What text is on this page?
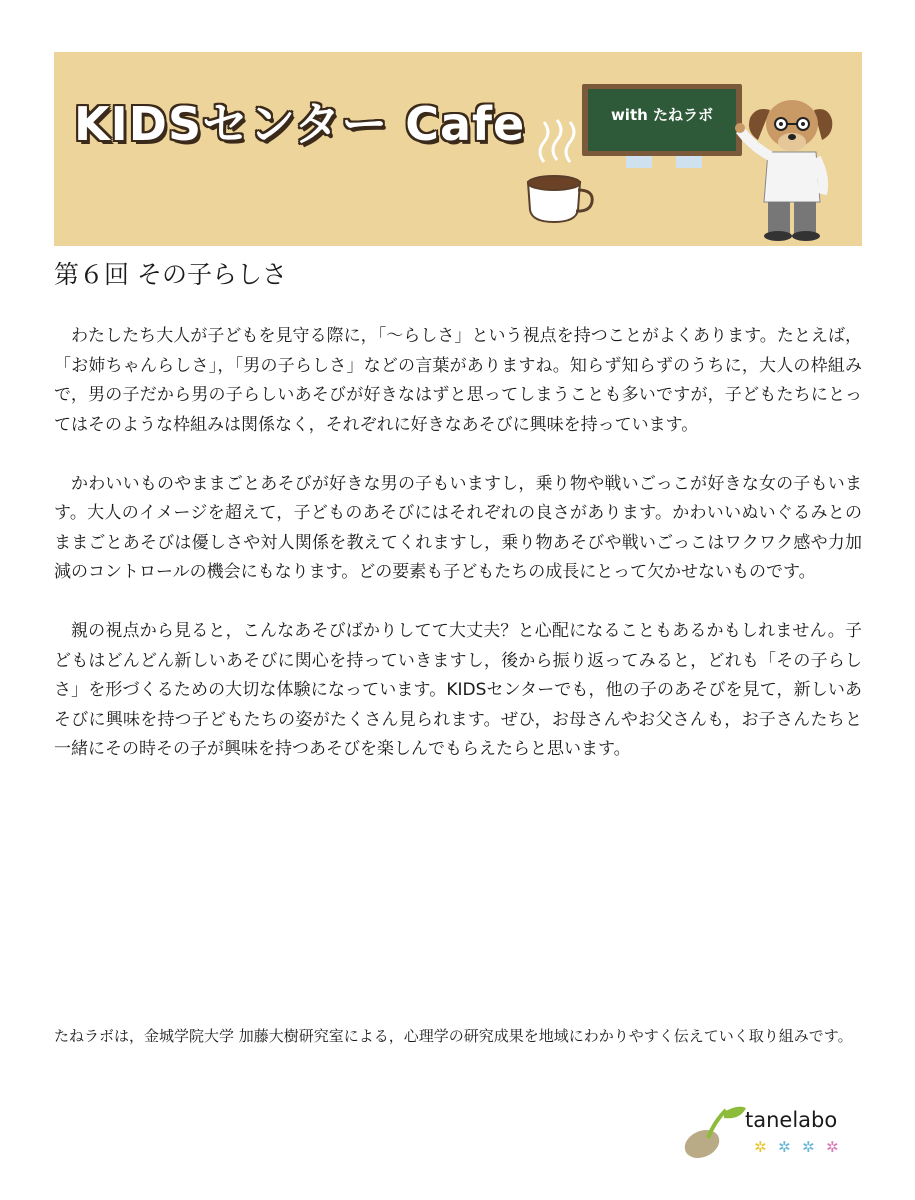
KIDSセンター Cafe	with たねラボ
第６回 その子らしさ

わたしたち大人が子どもを見守る際に，「〜らしさ」という視点を持つことがよくあります。たとえば，「お姉ちゃんらしさ」，「男の子らしさ」などの言葉がありますね。知らず知らずのうちに，大人の枠組みで，男の子だから男の子らしいあそびが好きなはずと思ってしまうことも多いですが，子どもたちにとってはそのような枠組みは関係なく，それぞれに好きなあそびに興味を持っています。

かわいいものやままごとあそびが好きな男の子もいますし，乗り物や戦いごっこが好きな女の子もいます。大人のイメージを超えて，子どものあそびにはそれぞれの良さがあります。かわいいぬいぐるみとのままごとあそびは優しさや対人関係を教えてくれますし，乗り物あそびや戦いごっこはワクワク感や力加減のコントロールの機会にもなります。どの要素も子どもたちの成長にとって欠かせないものです。

親の視点から見ると，こんなあそびばかりしてて大丈夫？と心配になることもあるかもしれません。子どもはどんどん新しいあそびに関心を持っていきますし，後から振り返ってみると，どれも「その子らしさ」を形づくるための大切な体験になっています。KIDSセンターでも，他の子のあそびを見て，新しいあそびに興味を持つ子どもたちの姿がたくさん見られます。ぜひ，お母さんやお父さんも，お子さんたちと一緒にその時その子が興味を持つあそびを楽しんでもらえたらと思います。

たねラボは，金城学院大学 加藤大樹研究室による，心理学の研究成果を地域にわかりやすく伝えていく取り組みです。

tanelabo
✲ ✲ ✲ ✲
